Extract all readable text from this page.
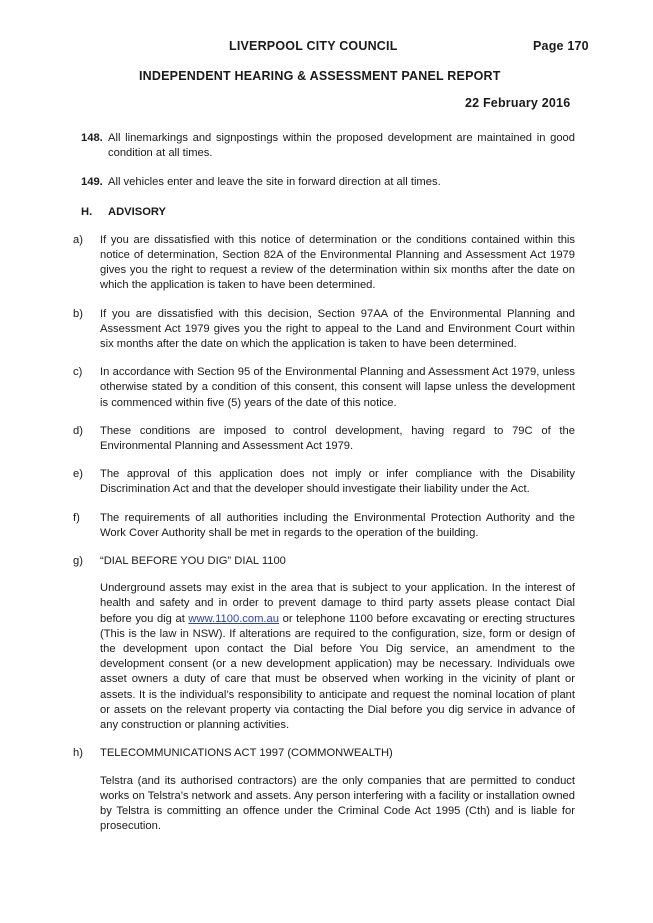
LIVERPOOL CITY COUNCIL	Page 170
INDEPENDENT HEARING & ASSESSMENT PANEL REPORT
22 February 2016
148. All linemarkings and signpostings within the proposed development are maintained in good condition at all times.
149. All vehicles enter and leave the site in forward direction at all times.
H. ADVISORY
a) If you are dissatisfied with this notice of determination or the conditions contained within this notice of determination, Section 82A of the Environmental Planning and Assessment Act 1979 gives you the right to request a review of the determination within six months after the date on which the application is taken to have been determined.
b) If you are dissatisfied with this decision, Section 97AA of the Environmental Planning and Assessment Act 1979 gives you the right to appeal to the Land and Environment Court within six months after the date on which the application is taken to have been determined.
c) In accordance with Section 95 of the Environmental Planning and Assessment Act 1979, unless otherwise stated by a condition of this consent, this consent will lapse unless the development is commenced within five (5) years of the date of this notice.
d) These conditions are imposed to control development, having regard to 79C of the Environmental Planning and Assessment Act 1979.
e) The approval of this application does not imply or infer compliance with the Disability Discrimination Act and that the developer should investigate their liability under the Act.
f) The requirements of all authorities including the Environmental Protection Authority and the Work Cover Authority shall be met in regards to the operation of the building.
g) “DIAL BEFORE YOU DIG” DIAL 1100
Underground assets may exist in the area that is subject to your application. In the interest of health and safety and in order to prevent damage to third party assets please contact Dial before you dig at www.1100.com.au or telephone 1100 before excavating or erecting structures (This is the law in NSW). If alterations are required to the configuration, size, form or design of the development upon contact the Dial before You Dig service, an amendment to the development consent (or a new development application) may be necessary. Individuals owe asset owners a duty of care that must be observed when working in the vicinity of plant or assets. It is the individual’s responsibility to anticipate and request the nominal location of plant or assets on the relevant property via contacting the Dial before you dig service in advance of any construction or planning activities.
h) TELECOMMUNICATIONS ACT 1997 (COMMONWEALTH)
Telstra (and its authorised contractors) are the only companies that are permitted to conduct works on Telstra’s network and assets. Any person interfering with a facility or installation owned by Telstra is committing an offence under the Criminal Code Act 1995 (Cth) and is liable for prosecution.
